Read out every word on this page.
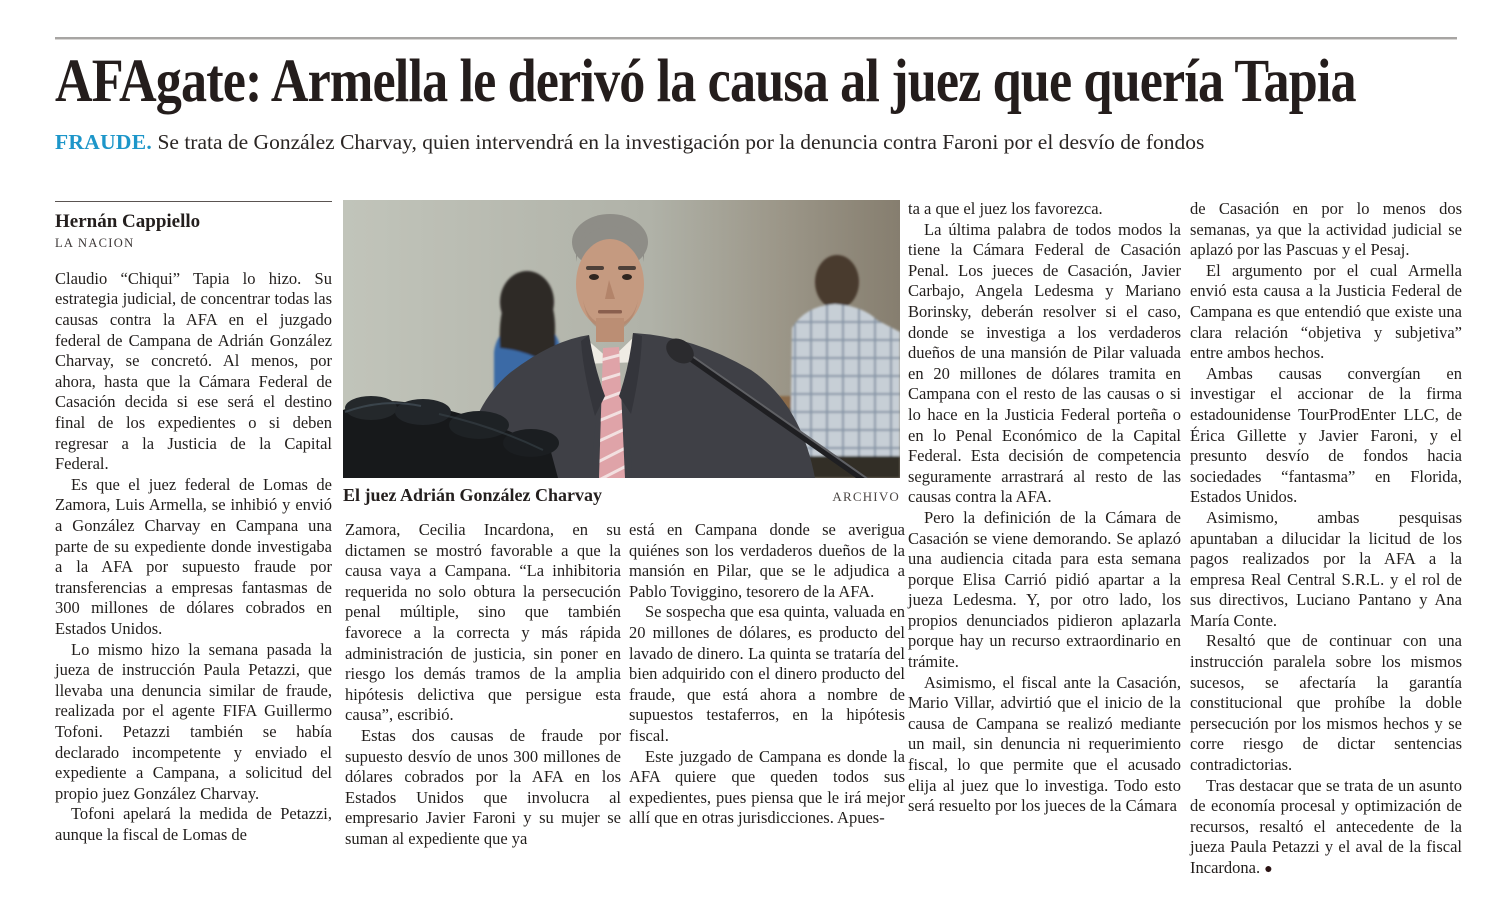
AFAgate: Armella le derivó la causa al juez que quería Tapia
FRAUDE. Se trata de González Charvay, quien intervendrá en la investigación por la denuncia contra Faroni por el desvío de fondos
Hernán Cappiello
LA NACION

Claudio “Chiqui” Tapia lo hizo. Su estrategia judicial, de concentrar todas las causas contra la AFA en el juzgado federal de Campana de Adrián González Charvay, se concretó. Al menos, por ahora, hasta que la Cámara Federal de Casación decida si ese será el destino final de los expedientes o si deben regresar a la Justicia de la Capital Federal.

Es que el juez federal de Lomas de Zamora, Luis Armella, se inhibió y envió a González Charvay en Campana una parte de su expediente donde investigaba a la AFA por supuesto fraude por transferencias a empresas fantasmas de 300 millones de dólares cobrados en Estados Unidos.

Lo mismo hizo la semana pasada la jueza de instrucción Paula Petazzi, que llevaba una denuncia similar de fraude, realizada por el agente FIFA Guillermo Tofoni. Petazzi también se había declarado incompetente y enviado el expediente a Campana, a solicitud del propio juez González Charvay.

Tofoni apelará la medida de Petazzi, aunque la fiscal de Lomas de

El juez Adrián González Charvay	ARCHIVO

Zamora, Cecilia Incardona, en su dictamen se mostró favorable a que la causa vaya a Campana. “La inhibitoria requerida no solo obtura la persecución penal múltiple, sino que también favorece a la correcta y más rápida administración de justicia, sin poner en riesgo los demás tramos de la amplia hipótesis delictiva que persigue esta causa”, escribió.

Estas dos causas de fraude por supuesto desvío de unos 300 millones de dólares cobrados por la AFA en los Estados Unidos que involucra al empresario Javier Faroni y su mujer se suman al expediente que ya

está en Campana donde se averigua quiénes son los verdaderos dueños de la mansión en Pilar, que se le adjudica a Pablo Toviggino, tesorero de la AFA.

Se sospecha que esa quinta, valuada en 20 millones de dólares, es producto del lavado de dinero. La quinta se trataría del bien adquirido con el dinero producto del fraude, que está ahora a nombre de supuestos testaferros, en la hipótesis fiscal.

Este juzgado de Campana es donde la AFA quiere que queden todos sus expedientes, pues piensa que le irá mejor allí que en otras jurisdicciones. Apues-

ta a que el juez los favorezca.

La última palabra de todos modos la tiene la Cámara Federal de Casación Penal. Los jueces de Casación, Javier Carbajo, Angela Ledesma y Mariano Borinsky, deberán resolver si el caso, donde se investiga a los verdaderos dueños de una mansión de Pilar valuada en 20 millones de dólares tramita en Campana con el resto de las causas o si lo hace en la Justicia Federal porteña o en lo Penal Económico de la Capital Federal. Esta decisión de competencia seguramente arrastrará al resto de las causas contra la AFA.

Pero la definición de la Cámara de Casación se viene demorando. Se aplazó una audiencia citada para esta semana porque Elisa Carrió pidió apartar a la jueza Ledesma. Y, por otro lado, los propios denunciados pidieron aplazarla porque hay un recurso extraordinario en trámite.

Asimismo, el fiscal ante la Casación, Mario Villar, advirtió que el inicio de la causa de Campana se realizó mediante un mail, sin denuncia ni requerimiento fiscal, lo que permite que el acusado elija al juez que lo investiga. Todo esto será resuelto por los jueces de la Cámara

de Casación en por lo menos dos semanas, ya que la actividad judicial se aplazó por las Pascuas y el Pesaj.

El argumento por el cual Armella envió esta causa a la Justicia Federal de Campana es que entendió que existe una clara relación “objetiva y subjetiva” entre ambos hechos.

Ambas causas convergían en investigar el accionar de la firma estadounidense TourProdEnter LLC, de Érica Gillette y Javier Faroni, y el presunto desvío de fondos hacia sociedades “fantasma” en Florida, Estados Unidos.

Asimismo, ambas pesquisas apuntaban a dilucidar la licitud de los pagos realizados por la AFA a la empresa Real Central S.R.L. y el rol de sus directivos, Luciano Pantano y Ana María Conte.

Resaltó que de continuar con una instrucción paralela sobre los mismos sucesos, se afectaría la garantía constitucional que prohíbe la doble persecución por los mismos hechos y se corre riesgo de dictar sentencias contradictorias.

Tras destacar que se trata de un asunto de economía procesal y optimización de recursos, resaltó el antecedente de la jueza Paula Petazzi y el aval de la fiscal Incardona. ●
